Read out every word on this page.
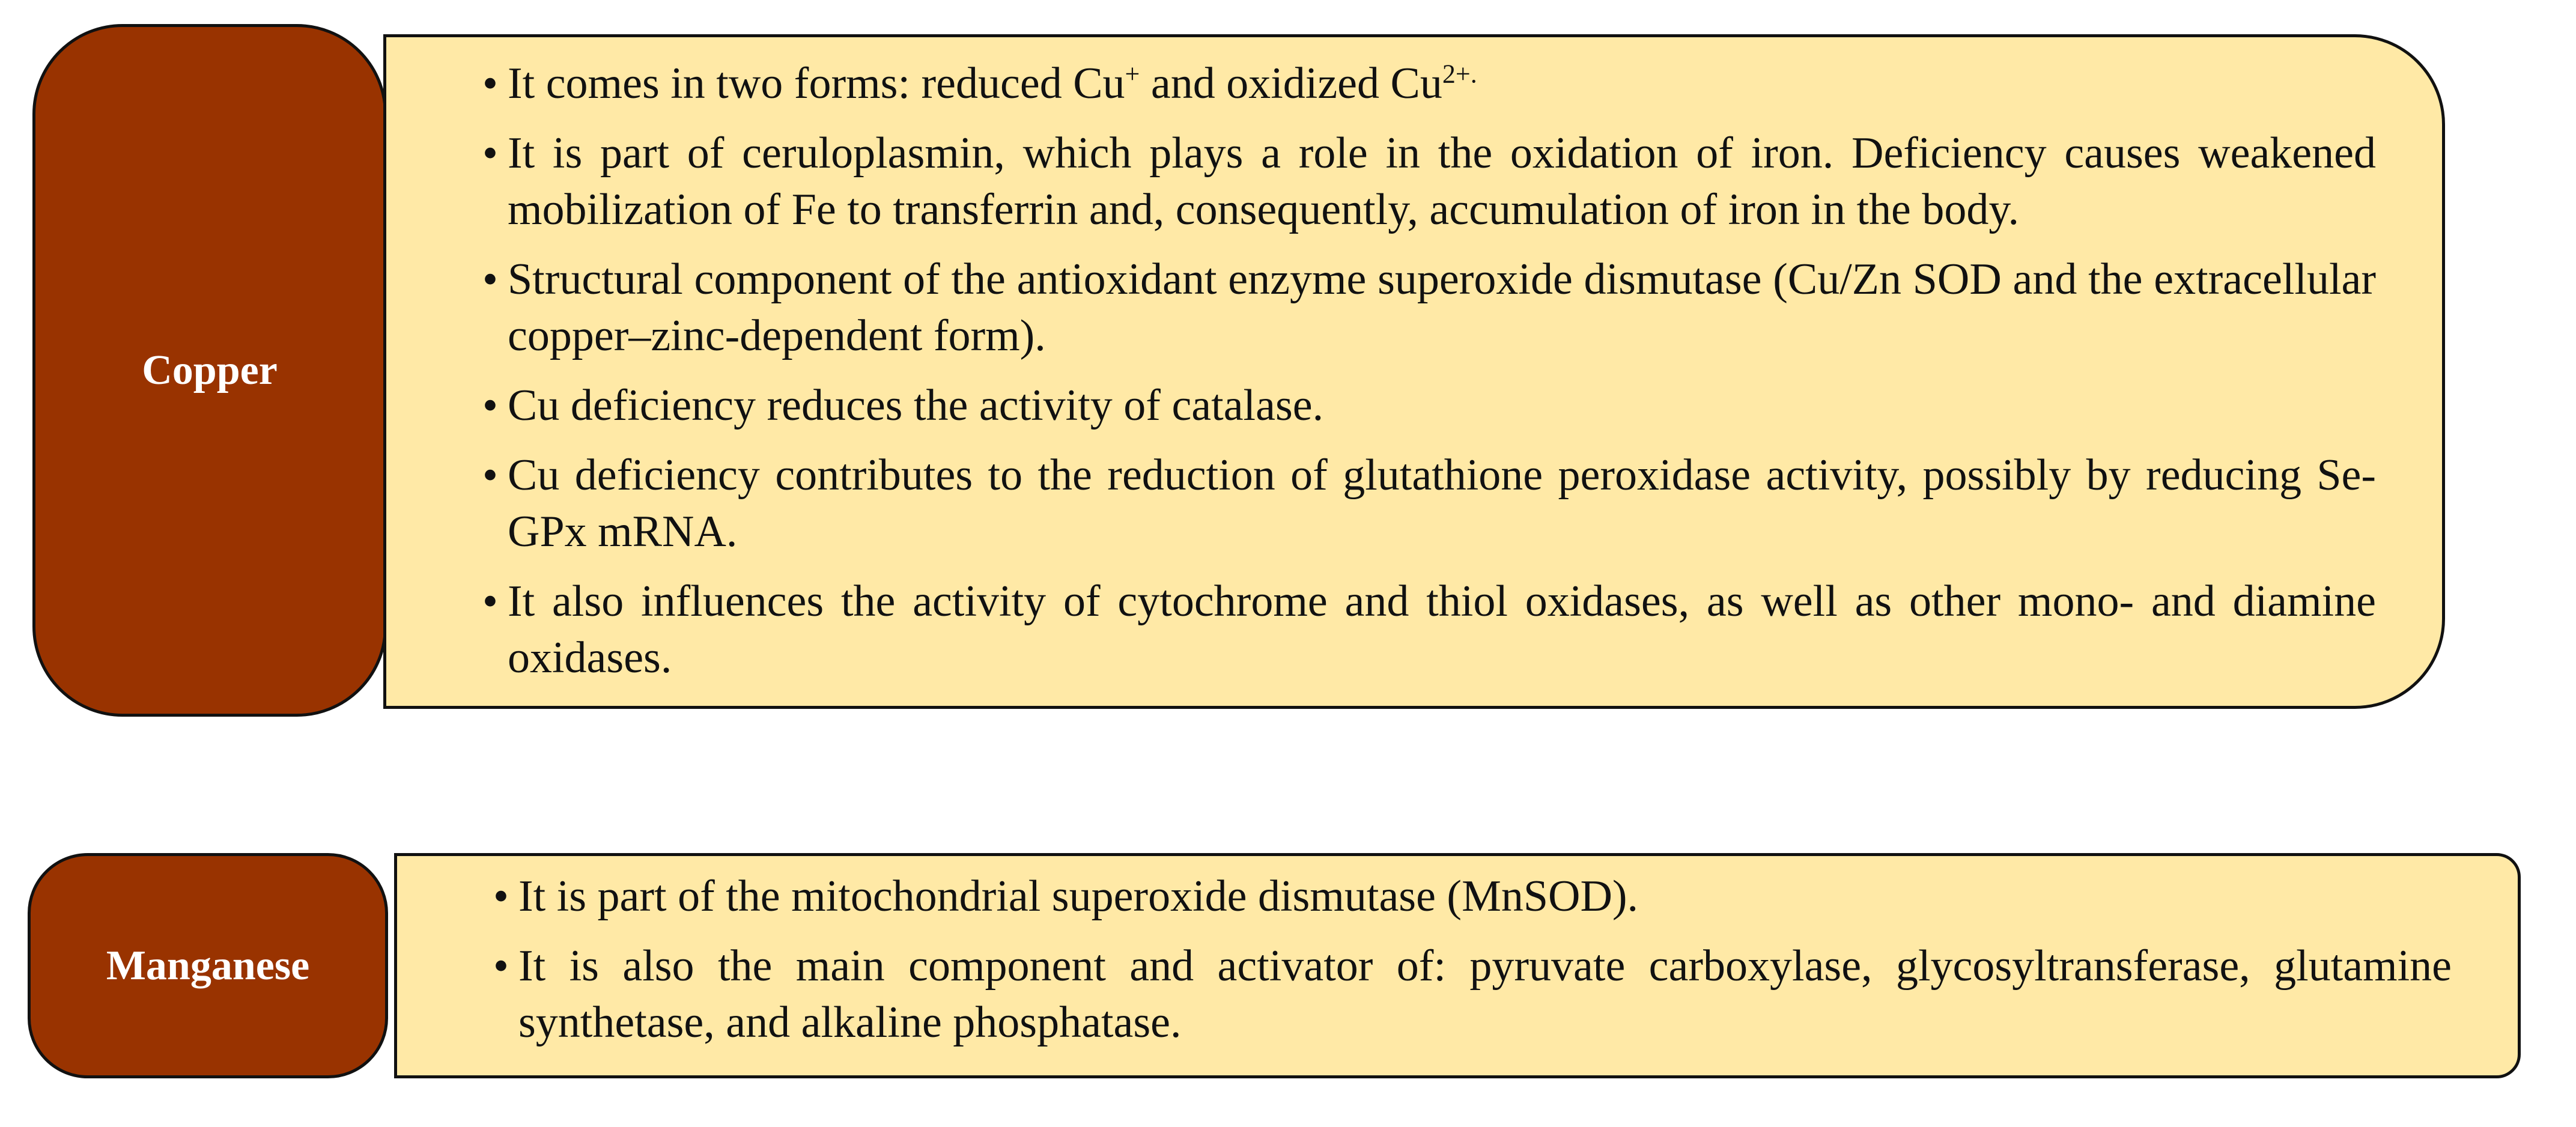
Copper
• It comes in two forms: reduced Cu+ and oxidized $Cu^{2+.}$
• It is part of ceruloplasmin, which plays a role in the oxidation of iron. Deficiency causes weakened mobilization of Fe to transferrin and, consequently, accumulation of iron in the body.
• Structural component of the antioxidant enzyme superoxide dismutase (Cu/Zn SOD and the extracellular copper–zinc-dependent form).
• Cu deficiency reduces the activity of catalase.
• Cu deficiency contributes to the reduction of glutathione peroxidase activity, possibly by reducing Se-GPx mRNA.
• It also influences the activity of cytochrome and thiol oxidases, as well as other mono- and diamine oxidases.
Manganese
• It is part of the mitochondrial superoxide dismutase (MnSOD).
• It is also the main component and activator of: pyruvate carboxylase, glycosyltransferase, glutamine synthetase, and alkaline phosphatase.
